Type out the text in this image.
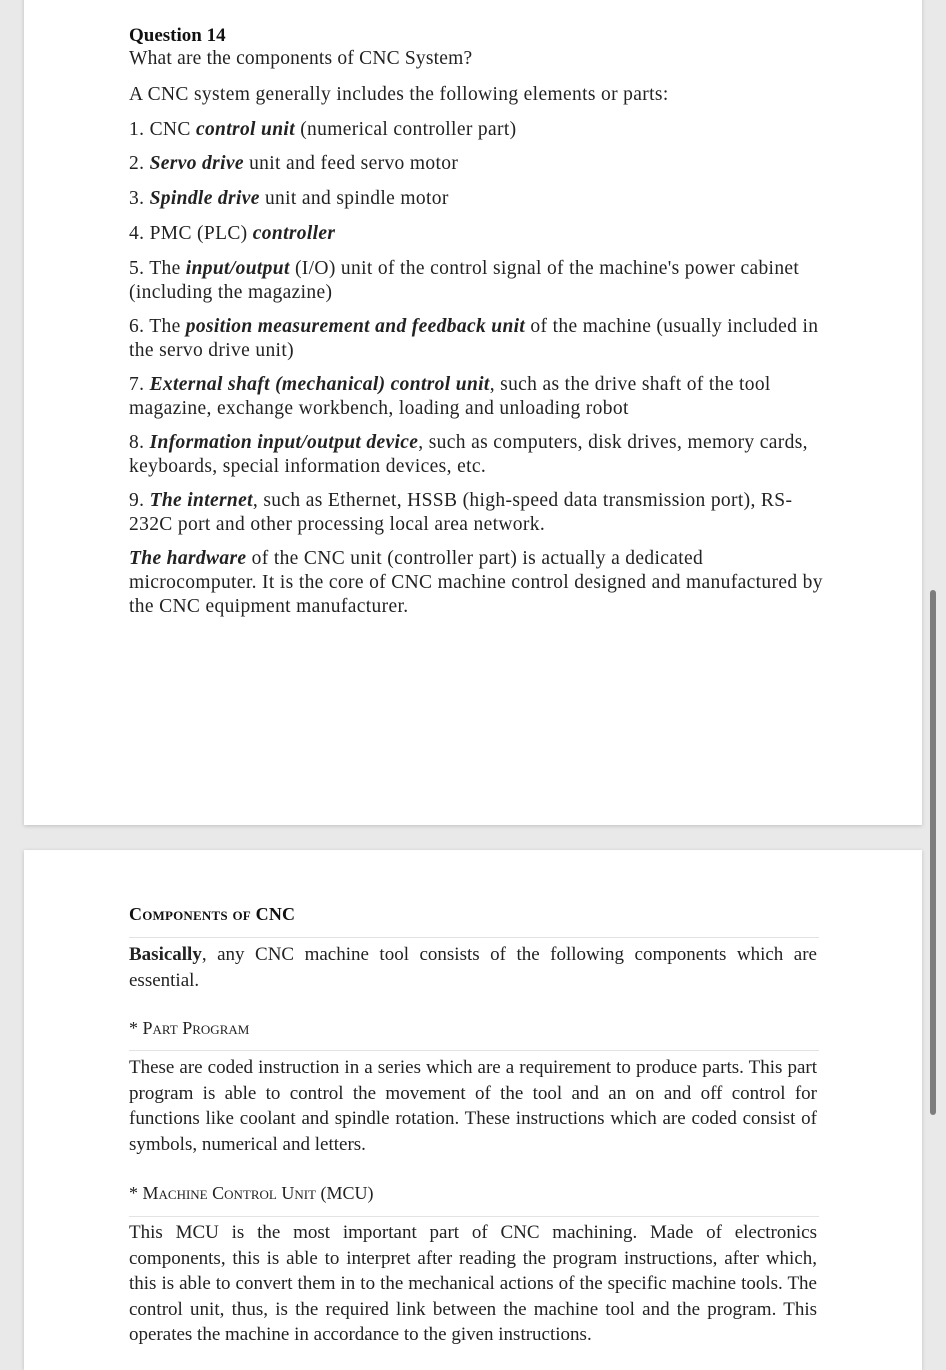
Question 14
What are the components of CNC System?
A CNC system generally includes the following elements or parts:
1. CNC control unit (numerical controller part)
2. Servo drive unit and feed servo motor
3. Spindle drive unit and spindle motor
4. PMC (PLC) controller
5. The input/output (I/O) unit of the control signal of the machine's power cabinet (including the magazine)
6. The position measurement and feedback unit of the machine (usually included in the servo drive unit)
7. External shaft (mechanical) control unit, such as the drive shaft of the tool magazine, exchange workbench, loading and unloading robot
8. Information input/output device, such as computers, disk drives, memory cards, keyboards, special information devices, etc.
9. The internet, such as Ethernet, HSSB (high-speed data transmission port), RS-232C port and other processing local area network.
The hardware of the CNC unit (controller part) is actually a dedicated microcomputer. It is the core of CNC machine control designed and manufactured by the CNC equipment manufacturer.
Components of CNC
Basically, any CNC machine tool consists of the following components which are essential.
* Part Program
These are coded instruction in a series which are a requirement to produce parts. This part program is able to control the movement of the tool and an on and off control for functions like coolant and spindle rotation. These instructions which are coded consist of symbols, numerical and letters.
* Machine Control Unit (MCU)
This MCU is the most important part of CNC machining. Made of electronics components, this is able to interpret after reading the program instructions, after which, this is able to convert them in to the mechanical actions of the specific machine tools. The control unit, thus, is the required link between the machine tool and the program. This operates the machine in accordance to the given instructions.
